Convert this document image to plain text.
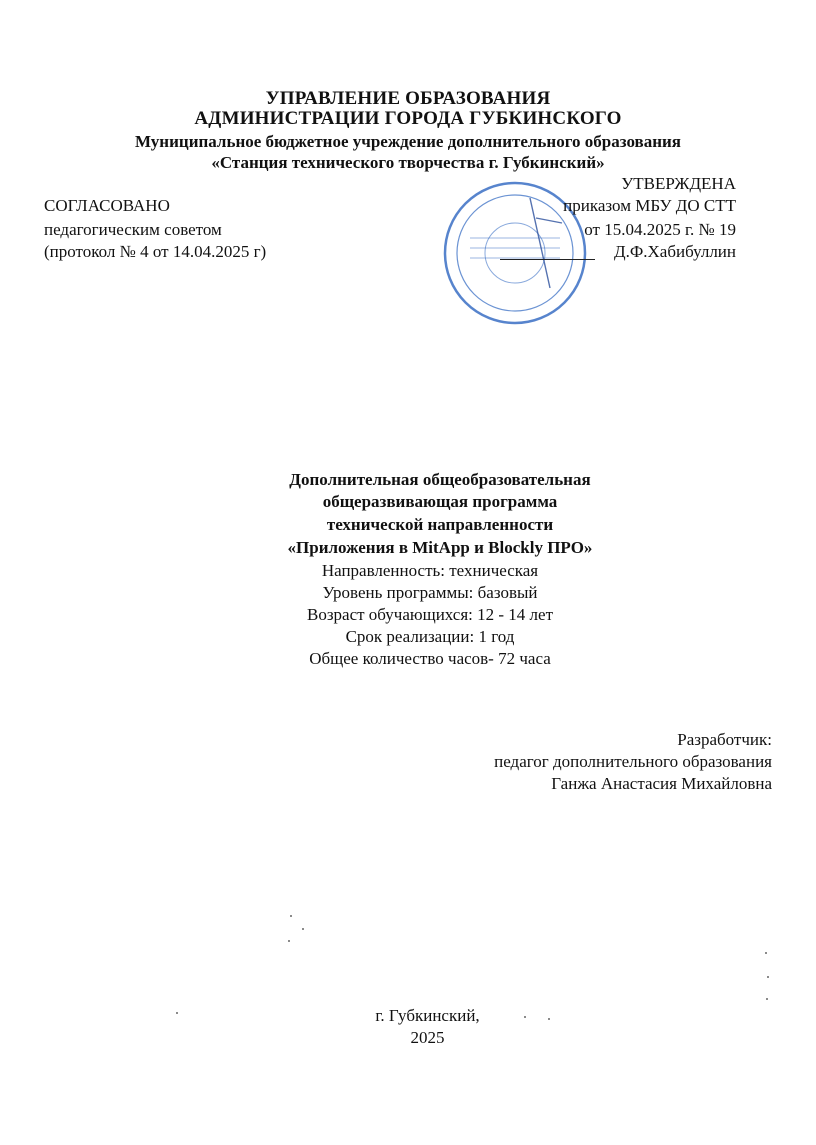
УПРАВЛЕНИЕ ОБРАЗОВАНИЯ
АДМИНИСТРАЦИИ ГОРОДА ГУБКИНСКОГО
Муниципальное бюджетное учреждение дополнительного образования
«Станция технического творчества г. Губкинский»
СОГЛАСОВАНО
педагогическим советом
(протокол № 4 от 14.04.2025 г)
УТВЕРЖДЕНА
приказом МБУ ДО СТТ
от 15.04.2025 г. № 19
Д.Ф.Хабибуллин
Дополнительная общеобразовательная
общеразвивающая программа
технической направленности
«Приложения в MitApp и Blockly ПРО»
Направленность: техническая
Уровень программы: базовый
Возраст обучающихся: 12 - 14 лет
Срок реализации: 1 год
Общее количество часов- 72 часа
Разработчик:
педагог дополнительного образования
Ганжа Анастасия Михайловна
г. Губкинский,
2025
